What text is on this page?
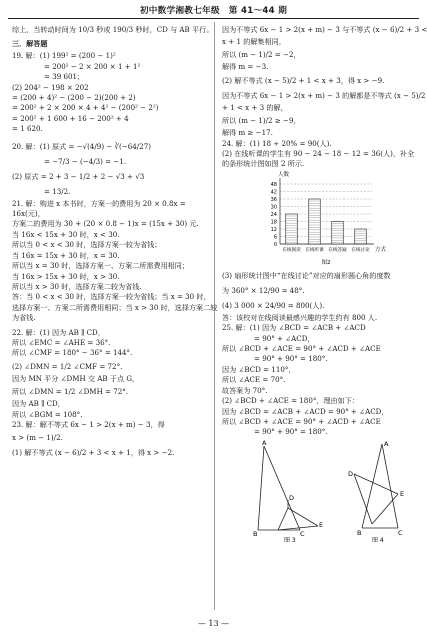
初中数学湘教七年级　第 41～44 期
综上，当转动时间为 10/3 秒或 190/3 秒时，CD 与 AB 平行。
三．解答题
19. 解：(1) 199² = (200 − 1)²
= 200² − 2 × 200 × 1 + 1²
= 39 601；
(2) 204² − 198 × 202
= (200 + 4)² − (200 − 2)(200 + 2)
= 200² + 2 × 200 × 4 + 4² − (200² − 2²)
= 200² + 1 600 + 16 − 200² + 4
= 1 620.
20. 解：(1) 原式 = −√(4/9) − ∛(−64/27)
= −7/3 − (−4/3) = −1.
(2) 原式 = 2 + 3 − 1/2 + 2 − √3 + √3
= 13/2.
21. 解：购进 x 本书时，方案一的费用为 20 × 0.8x =
16x(元)，
方案二的费用为 30 + (20 × 0.8 − 1)x = (15x + 30) 元.
当 16x < 15x + 30 时，x < 30.
所以当 0 < x < 30 时，选择方案一较为省钱；
当 16x = 15x + 30 时，x = 30.
所以当 x = 30 时，选择方案一、方案二所需费用相同；
当 16x > 15x + 30 时，x > 30.
所以当 x > 30 时，选择方案二较为省钱.
答：当 0 < x < 30 时，选择方案一较为省钱；当 x = 30 时，
选择方案一、方案二所需费用相同；当 x > 30 时，选择方案二较
为省钱.
22. 解：(1) 因为 AB ∥ CD，
所以 ∠EMC = ∠AHE = 36°.
所以 ∠CMF = 180° − 36° = 144°.
(2) ∠DMN = 1/2 ∠CMF = 72°.
因为 MN 平分 ∠DMH 交 AB 于点 G，
所以 ∠DMN = 1/2 ∠DMH = 72°.
因为 AB ∥ CD，
所以 ∠BGM = 108°.
23. 解：解不等式 6x − 1 > 2(x + m) − 3，得
x > (m − 1)/2.
(1) 解不等式 (x − 6)/2 + 3 < x + 1，得 x > −2.
因为不等式 6x − 1 > 2(x + m) − 3 与不等式 (x − 6)/2 + 3 <
x + 1 的解集相同，
所以 (m − 1)/2 = −2，
解得 m = −3.
(2) 解不等式 (x − 5)/2 + 1 < x + 3，得 x > −9.
因为不等式 6x − 1 > 2(x + m) − 3 的解都是不等式 (x − 5)/2
+ 1 < x + 3 的解，
所以 (m − 1)/2 ≥ −9，
解得 m ≥ −17.
24. 解：(1) 18 ÷ 20% = 90(人).
(2) 在线听课的学生有 90 − 24 − 18 − 12 = 36(人)，补全
的条形统计图如图 2 所示.
48
42
36
30
24
18
12
6
0
人数
方式
在线阅读 在线听课 在线答疑 在线讨论
图2
(3) 扇形统计图中“在线讨论”对应的扇形圆心角的度数
为 360° × 12/90 = 48°.
(4) 3 000 × 24/90 = 800(人).
答：该校对在线阅读最感兴趣的学生约有 800 人.
25. 解：(1) 因为 ∠BCD = ∠ACB + ∠ACD
= 90° + ∠ACD，
所以 ∠BCD + ∠ACE = 90° + ∠ACD + ∠ACE
= 90° + 90° = 180°.
因为 ∠BCD = 110°，
所以 ∠ACE = 70°.
故答案为 70°.
(2) ∠BCD + ∠ACE = 180°，理由如下：
因为 ∠BCD = ∠ACB + ∠ACD = 90° + ∠ACD，
所以 ∠BCD + ∠ACE = 90° + ∠ACD + ∠ACE
= 90° + 90° = 180°.
A
D
E
B	C
图 3
D
A
E
B	C
图 4
— 13 —
